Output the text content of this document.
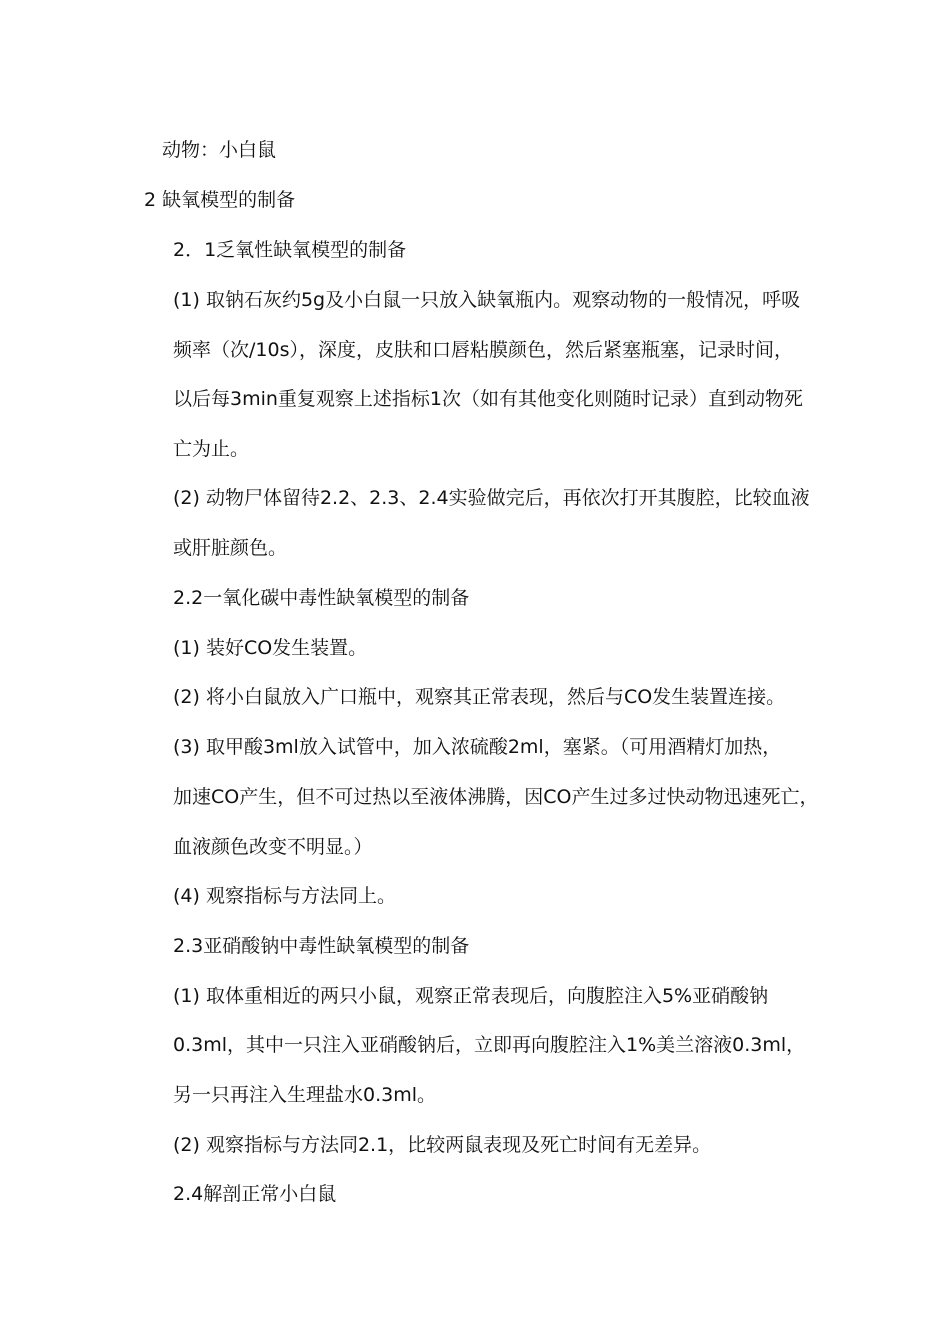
动物：小白鼠

2 缺氧模型的制备

2．1乏氧性缺氧模型的制备

(1) 取钠石灰约5g及小白鼠一只放入缺氧瓶内。观察动物的一般情况，呼吸

频率（次/10s），深度，皮肤和口唇粘膜颜色，然后紧塞瓶塞，记录时间，

以后每3min重复观察上述指标1次（如有其他变化则随时记录）直到动物死

亡为止。

(2) 动物尸体留待2.2、2.3、2.4实验做完后，再依次打开其腹腔，比较血液

或肝脏颜色。

2.2一氧化碳中毒性缺氧模型的制备

(1) 装好CO发生装置。

(2) 将小白鼠放入广口瓶中，观察其正常表现，然后与CO发生装置连接。

(3) 取甲酸3ml放入试管中，加入浓硫酸2ml，塞紧。（可用酒精灯加热，

加速CO产生，但不可过热以至液体沸腾，因CO产生过多过快动物迅速死亡，

血液颜色改变不明显。）

(4) 观察指标与方法同上。

2.3亚硝酸钠中毒性缺氧模型的制备

(1) 取体重相近的两只小鼠，观察正常表现后，向腹腔注入5%亚硝酸钠

0.3ml，其中一只注入亚硝酸钠后，立即再向腹腔注入1%美兰溶液0.3ml，

另一只再注入生理盐水0.3ml。

(2) 观察指标与方法同2.1，比较两鼠表现及死亡时间有无差异。

2.4解剖正常小白鼠
